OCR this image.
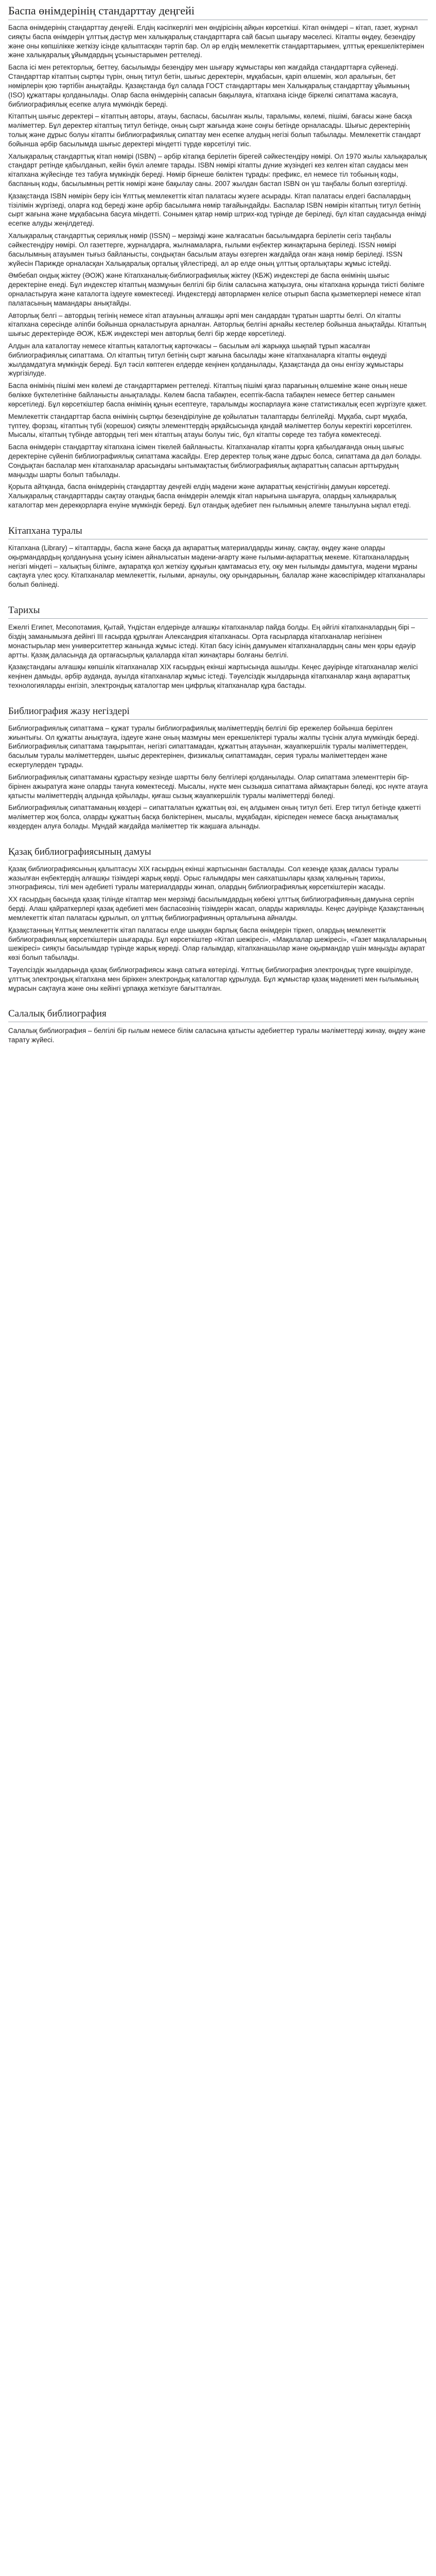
Баспа өнімдерінің стандарттау деңгейі

Баспа өнімдерінің стандарттау деңгейі. Елдің кәсіпкерлігі мен өндірісінің айқын көрсеткіші. Кітап өнімдері – кітап, газет, журнал сияқты баспа өнімдерін ұлттық дәстүр мен халықаралық стандарттарға сай басып шығару мәселесі. Кітапты өңдеу, безендіру және оны көпшілікке жеткізу ісінде қалыптасқан тәртіп бар. Ол әр елдің мемлекеттік стандарттарымен, ұлттық ерекшеліктерімен және халықаралық ұйымдардың ұсыныстарымен реттеледі.

Баспа ісі мен ретекторлық, беттеу, басылымды безендіру мен шығару жұмыстары көп жағдайда стандарттарға сүйенеді. Стандарттар кітаптың сыртқы түрін, оның титул бетін, шығыс деректерін, мұқабасын, қаріп өлшемін, жол аралығын, бет нөмірлерін қою тәртібін анықтайды. Қазақстанда бұл салада ГОСТ стандарттары мен Халықаралық стандарттау ұйымының (ISO) құжаттары қолданылады. Олар баспа өнімдерінің сапасын бақылауға, кітапхана ісінде біркелкі сипаттама жасауға, библиографиялық есепке алуға мүмкіндік береді.

Кітаптың шығыс деректері – кітаптың авторы, атауы, баспасы, басылған жылы, таралымы, көлемі, пішімі, бағасы және басқа мәліметтер. Бұл деректер кітаптың титул бетінде, оның сырт жағында және соңғы бетінде орналасады. Шығыс деректерінің толық және дұрыс болуы кітапты библиографиялық сипаттау мен есепке алудың негізі болып табылады. Мемлекеттік стандарт бойынша әрбір басылымда шығыс деректері міндетті түрде көрсетілуі тиіс.

Халықаралық стандарттық кітап нөмірі (ISBN) – әрбір кітапқа берілетін бірегей сәйкестендіру нөмірі. Ол 1970 жылы халықаралық стандарт ретінде қабылданып, кейін бүкіл әлемге тарады. ISBN нөмірі кітапты дүние жүзіндегі кез келген кітап саудасы мен кітапхана жүйесінде тез табуға мүмкіндік береді. Нөмір бірнеше бөліктен тұрады: префикс, ел немесе тіл тобының коды, баспаның коды, басылымның реттік нөмірі және бақылау саны. 2007 жылдан бастап ISBN он үш таңбалы болып өзгертілді.

Қазақстанда ISBN нөмірін беру ісін Ұлттық мемлекеттік кітап палатасы жүзеге асырады. Кітап палатасы елдегі баспалардың тізілімін жүргізеді, оларға код береді және әрбір басылымға нөмір тағайындайды. Баспалар ISBN нөмірін кітаптың титул бетінің сырт жағына және мұқабасына басуға міндетті. Сонымен қатар нөмір штрих-код түрінде де беріледі, бұл кітап саудасында өнімді есепке алуды жеңілдетеді.

Халықаралық стандарттық сериялық нөмір (ISSN) – мерзімді және жалғасатын басылымдарға берілетін сегіз таңбалы сәйкестендіру нөмірі. Ол газеттерге, журналдарға, жылнамаларға, ғылыми еңбектер жинақтарына беріледі. ISSN нөмірі басылымның атауымен тығыз байланысты, сондықтан басылым атауы өзгерген жағдайда оған жаңа нөмір беріледі. ISSN жүйесін Парижде орналасқан Халықаралық орталық үйлестіреді, ал әр елде оның ұлттық орталықтары жұмыс істейді.

Әмбебап ондық жіктеу (ӘОЖ) және Кітапханалық-библиографиялық жіктеу (КБЖ) индекстері де баспа өнімінің шығыс деректеріне енеді. Бұл индекстер кітаптың мазмұнын белгілі бір білім саласына жатқызуға, оны кітапхана қорында тиісті бөлімге орналастыруға және каталогта іздеуге көмектеседі. Индекстерді авторлармен келісе отырып баспа қызметкерлері немесе кітап палатасының мамандары анықтайды.

Авторлық белгі – автордың тегінің немесе кітап атауының алғашқы әрпі мен сандардан тұратын шартты белгі. Ол кітапты кітапхана сөресінде әліпби бойынша орналастыруға арналған. Авторлық белгіні арнайы кестелер бойынша анықтайды. Кітаптың шығыс деректерінде ӘОЖ, КБЖ индекстері мен авторлық белгі бір жерде көрсетіледі.

Алдын ала каталогтау немесе кітаптың каталогтық карточкасы – басылым әлі жарыққа шықпай тұрып жасалған библиографиялық сипаттама. Ол кітаптың титул бетінің сырт жағына басылады және кітапханаларға кітапты өңдеуді жылдамдатуға мүмкіндік береді. Бұл тәсіл көптеген елдерде кеңінен қолданылады, Қазақстанда да оны енгізу жұмыстары жүргізілуде.

Баспа өнімінің пішімі мен көлемі де стандарттармен реттеледі. Кітаптың пішімі қағаз парағының өлшеміне және оның неше бөлікке бүктелетініне байланысты анықталады. Көлем баспа табақпен, есептік-баспа табақпен немесе беттер санымен көрсетіледі. Бұл көрсеткіштер баспа өнімінің құнын есептеуге, таралымды жоспарлауға және статистикалық есеп жүргізуге қажет.

Мемлекеттік стандарттар баспа өнімінің сыртқы безендірілуіне де қойылатын талаптарды белгілейді. Мұқаба, сырт мұқаба, түптеу, форзац, кітаптың түбі (корешок) сияқты элементтердің әрқайсысында қандай мәліметтер болуы керектігі көрсетілген. Мысалы, кітаптың түбінде автордың тегі мен кітаптың атауы болуы тиіс, бұл кітапты сөреде тез табуға көмектеседі.

Баспа өнімдерін стандарттау кітапхана ісімен тікелей байланысты. Кітапханалар кітапты қорға қабылдағанда оның шығыс деректеріне сүйеніп библиографиялық сипаттама жасайды. Егер деректер толық және дұрыс болса, сипаттама да дәл болады. Сондықтан баспалар мен кітапханалар арасындағы ынтымақтастық библиографиялық ақпараттың сапасын арттырудың маңызды шарты болып табылады.

Қорыта айтқанда, баспа өнімдерінің стандарттау деңгейі елдің мәдени және ақпараттық кеңістігінің дамуын көрсетеді. Халықаралық стандарттарды сақтау отандық баспа өнімдерін әлемдік кітап нарығына шығаруға, олардың халықаралық каталогтар мен дерекқорларға енуіне мүмкіндік береді. Бұл отандық әдебиет пен ғылымның әлемге танылуына ықпал етеді.

Кітапхана туралы

Кітапхана (Library) – кітаптарды, баспа және басқа да ақпараттық материалдарды жинау, сақтау, өңдеу және оларды оқырмандардың қолдануына ұсыну ісімен айналысатын мәдени-ағарту және ғылыми-ақпараттық мекеме. Кітапханалардың негізгі міндеті – халықтың білімге, ақпаратқа қол жеткізу құқығын қамтамасыз ету, оқу мен ғылымды дамытуға, мәдени мұраны сақтауға үлес қосу. Кітапханалар мемлекеттік, ғылыми, арнаулы, оқу орындарының, балалар және жасөспірімдер кітапханалары болып бөлінеді.

Тарихы

Ежелгі Египет, Месопотамия, Қытай, Үндістан елдерінде алғашқы кітапханалар пайда болды. Ең әйгілі кітапханалардың бірі – біздің заманымызға дейінгі ІІІ ғасырда құрылған Александрия кітапханасы. Орта ғасырларда кітапханалар негізінен монастырьлар мен университеттер жанында жұмыс істеді. Кітап басу ісінің дамуымен кітапханалардың саны мен қоры едәуір артты. Қазақ даласында да ортағасырлық қалаларда кітап жинақтары болғаны белгілі.

Қазақстандағы алғашқы көпшілік кітапханалар XIX ғасырдың екінші жартысында ашылды. Кеңес дәуірінде кітапханалар желісі кеңінен дамыды, әрбір ауданда, ауылда кітапханалар жұмыс істеді. Тәуелсіздік жылдарында кітапханалар жаңа ақпараттық технологияларды енгізіп, электрондық каталогтар мен цифрлық кітапханалар құра бастады.

Библиография жазу негіздері

Библиографиялық сипаттама – құжат туралы библиографиялық мәліметтердің белгілі бір ережелер бойынша берілген жиынтығы. Ол құжатты анықтауға, іздеуге және оның мазмұны мен ерекшеліктері туралы жалпы түсінік алуға мүмкіндік береді. Библиографиялық сипаттама тақырыптан, негізгі сипаттамадан, құжаттың атауынан, жауапкершілік туралы мәліметтерден, басылым туралы мәліметтерден, шығыс деректерінен, физикалық сипаттамадан, серия туралы мәліметтерден және ескертулерден тұрады.

Библиографиялық сипаттаманы құрастыру кезінде шартты бөлу белгілері қолданылады. Олар сипаттама элементтерін бір-бірінен ажыратуға және оларды тануға көмектеседі. Мысалы, нүкте мен сызықша сипаттама аймақтарын бөледі, қос нүкте атауға қатысты мәліметтердің алдында қойылады, қиғаш сызық жауапкершілік туралы мәліметтерді бөледі.

Библиографиялық сипаттаманың көздері – сипатталатын құжаттың өзі, ең алдымен оның титул беті. Егер титул бетінде қажетті мәліметтер жоқ болса, оларды құжаттың басқа бөліктерінен, мысалы, мұқабадан, кіріспеден немесе басқа анықтамалық көздерден алуға болады. Мұндай жағдайда мәліметтер тік жақшаға алынады.

Қазақ библиографиясының дамуы

Қазақ библиографиясының қалыптасуы XIX ғасырдың екінші жартысынан басталады. Сол кезеңде қазақ даласы туралы жазылған еңбектердің алғашқы тізімдері жарық көрді. Орыс ғалымдары мен саяхатшылары қазақ халқының тарихы, этнографиясы, тілі мен әдебиеті туралы материалдарды жинап, олардың библиографиялық көрсеткіштерін жасады.

XX ғасырдың басында қазақ тілінде кітаптар мен мерзімді басылымдардың көбеюі ұлттық библиографияның дамуына серпін берді. Алаш қайраткерлері қазақ әдебиеті мен баспасөзінің тізімдерін жасап, оларды жариялады. Кеңес дәуірінде Қазақстанның мемлекеттік кітап палатасы құрылып, ол ұлттық библиографияның орталығына айналды.

Қазақстанның Ұлттық мемлекеттік кітап палатасы елде шыққан барлық баспа өнімдерін тіркеп, олардың мемлекеттік библиографиялық көрсеткіштерін шығарады. Бұл көрсеткіштер «Кітап шежіресі», «Мақалалар шежіресі», «Газет мақалаларының шежіресі» сияқты басылымдар түрінде жарық көреді. Олар ғалымдар, кітапханашылар және оқырмандар үшін маңызды ақпарат көзі болып табылады.

Тәуелсіздік жылдарында қазақ библиографиясы жаңа сатыға көтерілді. Ұлттық библиография электрондық түрге көшірілуде, ұлттық электрондық кітапхана мен біріккен электрондық каталогтар құрылуда. Бұл жұмыстар қазақ мәдениеті мен ғылымының мұрасын сақтауға және оны кейінгі ұрпаққа жеткізуге бағытталған.

Салалық библиография

Салалық библиография – белгілі бір ғылым немесе білім саласына қатысты әдебиеттер туралы мәліметтерді жинау, өңдеу және тарату жүйесі.
